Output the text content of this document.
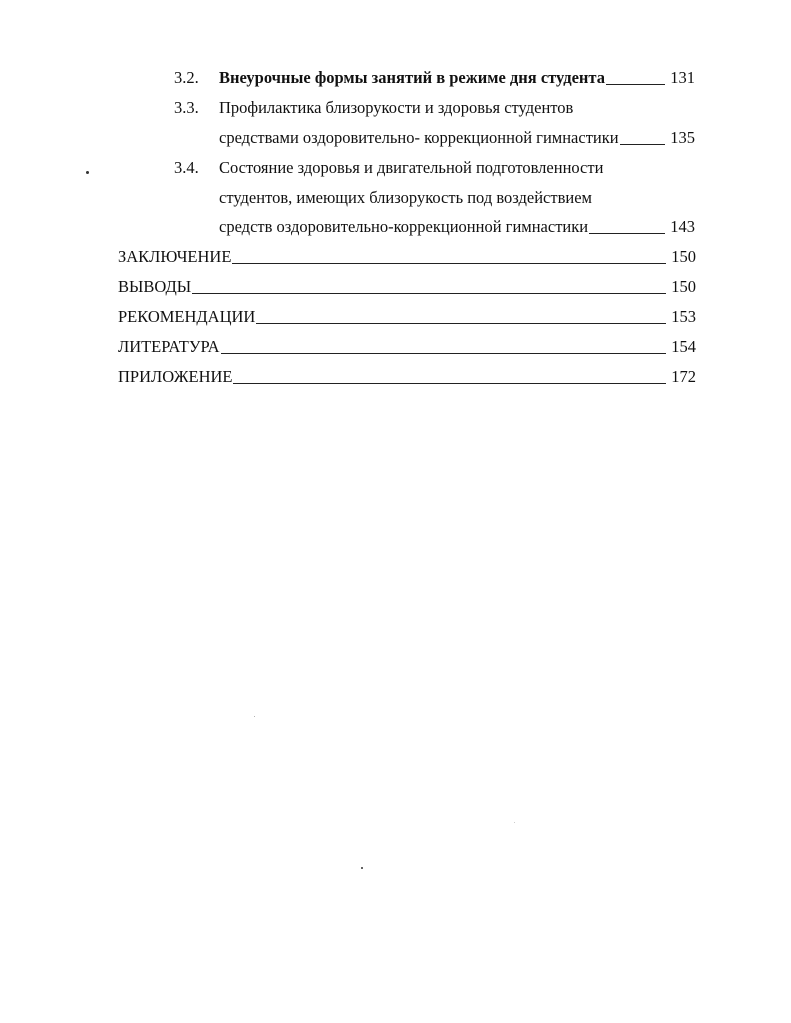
3.2. Внеурочные формы занятий в режиме дня студента	131
3.3. Профилактика близорукости и здоровья студентов
средствами оздоровительно- коррекционной гимнастики	135
3.4. Состояние здоровья и двигательной подготовленности
студентов, имеющих близорукость под воздействием
средств оздоровительно-коррекционной гимнастики	143
ЗАКЛЮЧЕНИЕ	150
ВЫВОДЫ	150
РЕКОМЕНДАЦИИ	153
ЛИТЕРАТУРА	154
ПРИЛОЖЕНИЕ	172
